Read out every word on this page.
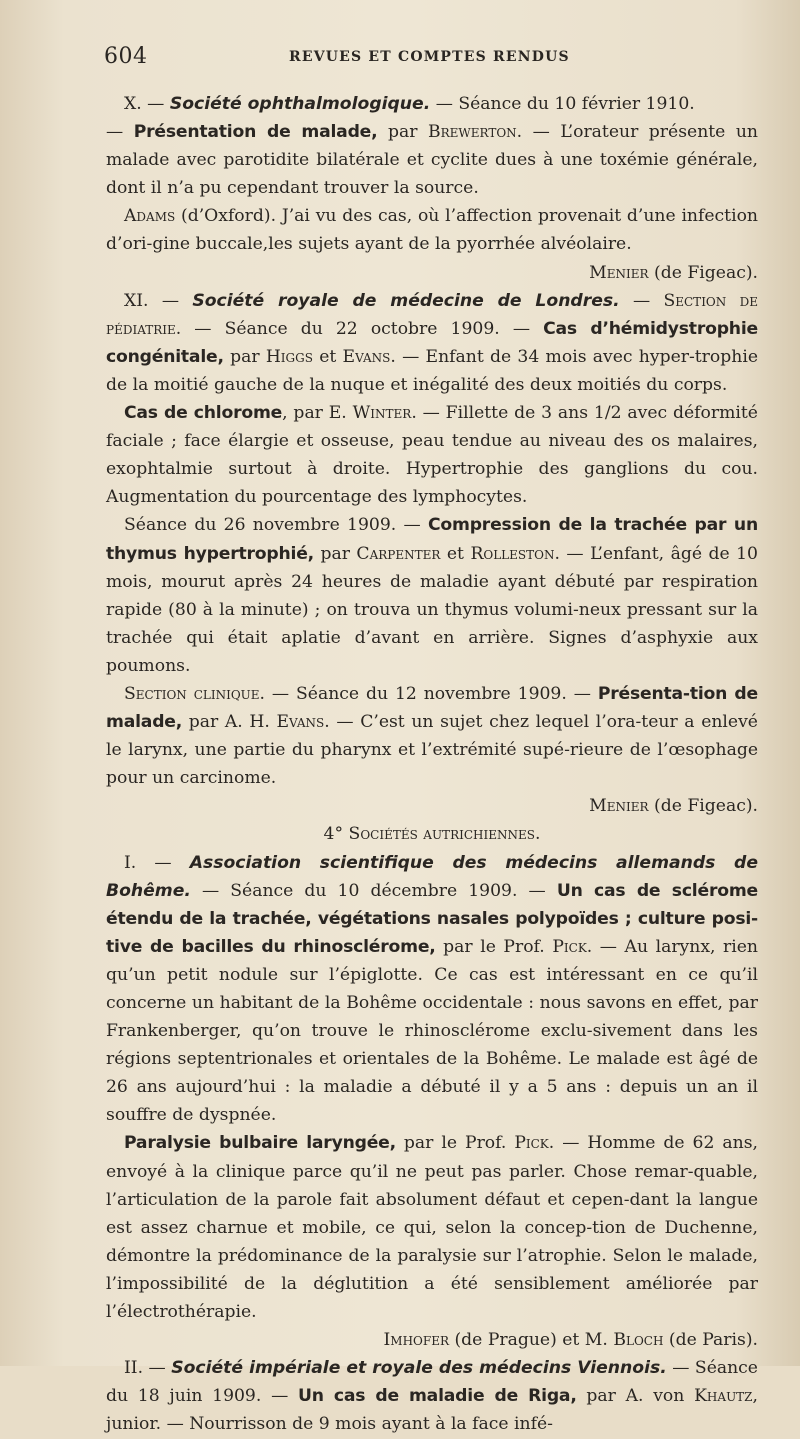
604	REVUES ET COMPTES RENDUS

X. — Société ophthalmologique. — Séance du 10 février 1910.
— Présentation de malade, par Brewerton. — L’orateur présente un malade avec parotidite bilatérale et cyclite dues à une toxémie générale, dont il n’a pu cependant trouver la source.

Adams (d’Oxford). J’ai vu des cas, où l’affection provenait d’une infection d’ori-gine buccale,les sujets ayant de la pyorrhée alvéolaire.

Menier (de Figeac).

XI. — Société royale de médecine de Londres. — Section de pédiatrie. — Séance du 22 octobre 1909. — Cas d’hémidystrophie congénitale, par Higgs et Evans. — Enfant de 34 mois avec hyper-trophie de la moitié gauche de la nuque et inégalité des deux moitiés du corps.

Cas de chlorome, par E. Winter. — Fillette de 3 ans 1/2 avec déformité faciale ; face élargie et osseuse, peau tendue au niveau des os malaires, exophtalmie surtout à droite. Hypertrophie des ganglions du cou. Augmentation du pourcentage des lymphocytes.

Séance du 26 novembre 1909. — Compression de la trachée par un thymus hypertrophié, par Carpenter et Rolleston. — L’enfant, âgé de 10 mois, mourut après 24 heures de maladie ayant débuté par respiration rapide (80 à la minute) ; on trouva un thymus volumi-neux pressant sur la trachée qui était aplatie d’avant en arrière. Signes d’asphyxie aux poumons.

Section clinique. — Séance du 12 novembre 1909. — Présenta-tion de malade, par A. H. Evans. — C’est un sujet chez lequel l’ora-teur a enlevé le larynx, une partie du pharynx et l’extrémité supé-rieure de l’œsophage pour un carcinome.

Menier (de Figeac).

4° Sociétés autrichiennes.

I. — Association scientifique des médecins allemands de Bohême. — Séance du 10 décembre 1909. — Un cas de sclérome étendu de la trachée, végétations nasales polypoïdes ; culture posi-tive de bacilles du rhinosclérome, par le Prof. Pick. — Au larynx, rien qu’un petit nodule sur l’épiglotte. Ce cas est intéressant en ce qu’il concerne un habitant de la Bohême occidentale : nous savons en effet, par Frankenberger, qu’on trouve le rhinosclérome exclu-sivement dans les régions septentrionales et orientales de la Bohême. Le malade est âgé de 26 ans aujourd’hui : la maladie a débuté il y a 5 ans : depuis un an il souffre de dyspnée.

Paralysie bulbaire laryngée, par le Prof. Pick. — Homme de 62 ans, envoyé à la clinique parce qu’il ne peut pas parler. Chose remar-quable, l’articulation de la parole fait absolument défaut et cepen-dant la langue est assez charnue et mobile, ce qui, selon la concep-tion de Duchenne, démontre la prédominance de la paralysie sur l’atrophie. Selon le malade, l’impossibilité de la déglutition a été sensiblement améliorée par l’électrothérapie.

Imhofer (de Prague) et M. Bloch (de Paris).

II. — Société impériale et royale des médecins Viennois. — Séance du 18 juin 1909. — Un cas de maladie de Riga, par A. von Khautz, junior. — Nourrisson de 9 mois ayant à la face infé-
